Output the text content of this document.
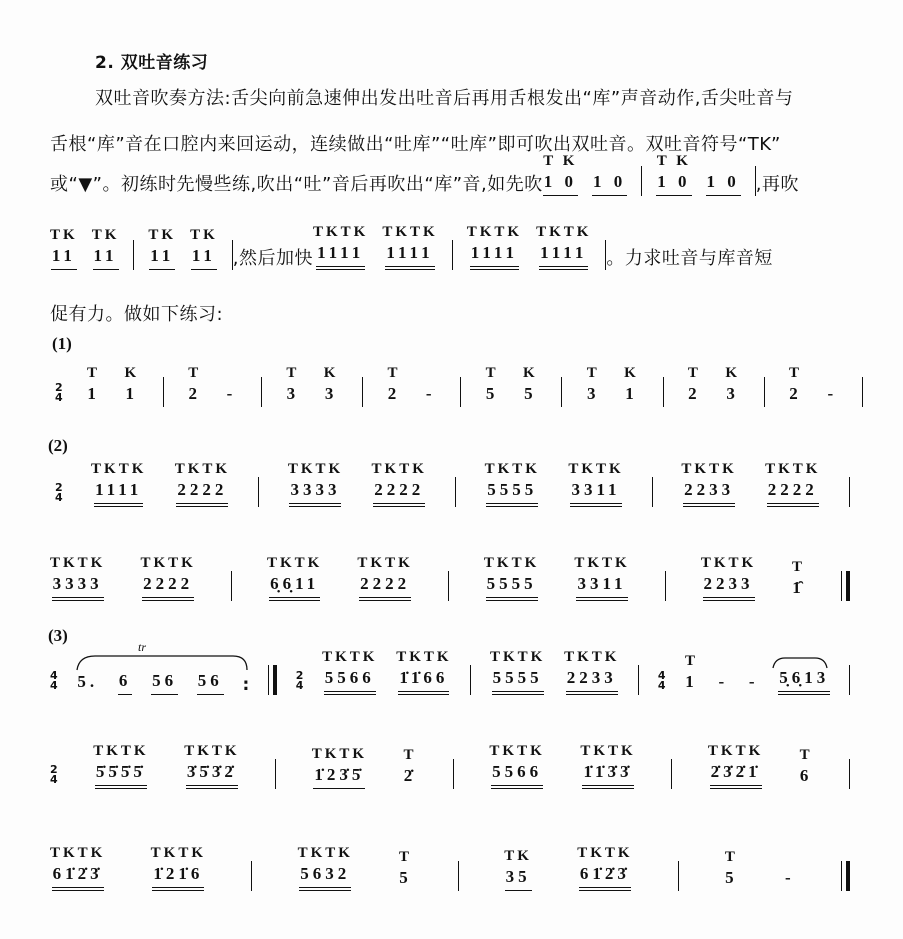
2. 双吐音练习
双吐音吹奏方法:舌尖向前急速伸出发出吐音后再用舌根发出“库”声音动作,舌尖吐音与
舌根“库”音在口腔内来回运动，连续做出“吐库”“吐库”即可吹出双吐音。双吐音符号“TK”
或“▼”。初练时先慢些练,吹出“吐”音后再吹出“库”音,如先吹
T K
1 0 1 0
T K
1 0 1 0 ,再吹
TK
11
TK
11
TK
11
TK
11 ,然后加快
TKTK
1111
TKTK
1111
TKTK
1111
TKTK
1111 。力求吐音与库音短
促有力。做如下练习:
(1)
2
4
T
1
K
1
T
2 -
T
3
K
3
T
2 -
T
5
K
5
T
3
K
1
T
2
K
3
T
2 -
(2)
2
4
TKTK
1111
TKTK
2222
TKTK
3333
TKTK
2222
TKTK
5555
TKTK
3311
TKTK
2233
TKTK
2222
TKTK
3333
TKTK
2222
TKTK
6̣6̣11
TKTK
2222
TKTK
5555
TKTK
3311
TKTK
2233
T
1̑
(3)
tr
4
4 5. 6 56 56 :	2
4
TKTK
5566
TKTK
1̇1̇66
TKTK
5555
TKTK
2233	4
4
T
1 - - 5̣6̣13
2
4
TKTK
5̇5̇5̇5̇
TKTK
3̇5̇3̇2̇
TKTK
1̇23̇5̇
T
2̇
TKTK
5566
TKTK
1̇1̇3̇3̇
TKTK
2̇3̇2̇1̇
T
6
TKTK
61̇2̇3̇
TKTK
1̇21̇6
TKTK
5632
T
5
TK
35
TKTK
61̇2̇3̇
T
5	-
